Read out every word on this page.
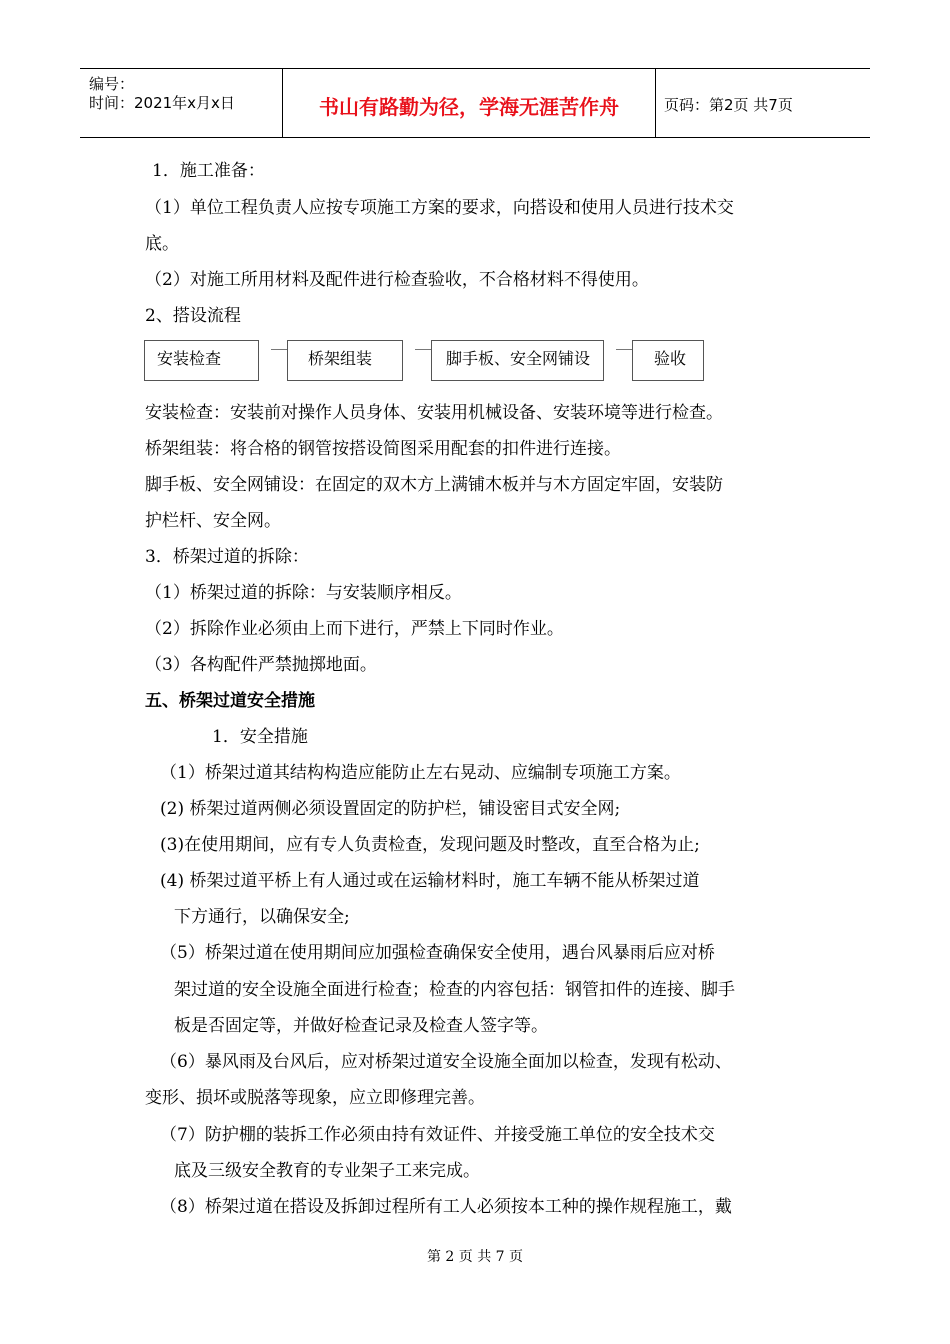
编号：
时间：2021年x月x日	书山有路勤为径，学海无涯苦作舟	页码：第2页 共7页
1．施工准备：
（1）单位工程负责人应按专项施工方案的要求，向搭设和使用人员进行技术交
底。
（2）对施工所用材料及配件进行检查验收，不合格材料不得使用。
2、搭设流程
安装检查	桥架组装	脚手板、安全网铺设	验收
安装检查：安装前对操作人员身体、安装用机械设备、安装环境等进行检查。
桥架组装：将合格的钢管按搭设简图采用配套的扣件进行连接。
脚手板、安全网铺设：在固定的双木方上满铺木板并与木方固定牢固，安装防
护栏杆、安全网。
3．桥架过道的拆除：
（1）桥架过道的拆除：与安装顺序相反。
（2）拆除作业必须由上而下进行，严禁上下同时作业。
（3）各构配件严禁抛掷地面。
五、桥架过道安全措施
1．安全措施
（1）桥架过道其结构构造应能防止左右晃动、应编制专项施工方案。
(2) 桥架过道两侧必须设置固定的防护栏，铺设密目式安全网;
(3)在使用期间，应有专人负责检查，发现问题及时整改，直至合格为止;
(4) 桥架过道平桥上有人通过或在运输材料时，施工车辆不能从桥架过道
下方通行，以确保安全;
（5）桥架过道在使用期间应加强检查确保安全使用，遇台风暴雨后应对桥
架过道的安全设施全面进行检查；检查的内容包括：钢管扣件的连接、脚手
板是否固定等，并做好检查记录及检查人签字等。
（6）暴风雨及台风后，应对桥架过道安全设施全面加以检查，发现有松动、
变形、损坏或脱落等现象，应立即修理完善。
（7）防护棚的装拆工作必须由持有效证件、并接受施工单位的安全技术交
底及三级安全教育的专业架子工来完成。
（8）桥架过道在搭设及拆卸过程所有工人必须按本工种的操作规程施工，戴
第 2 页 共 7 页
